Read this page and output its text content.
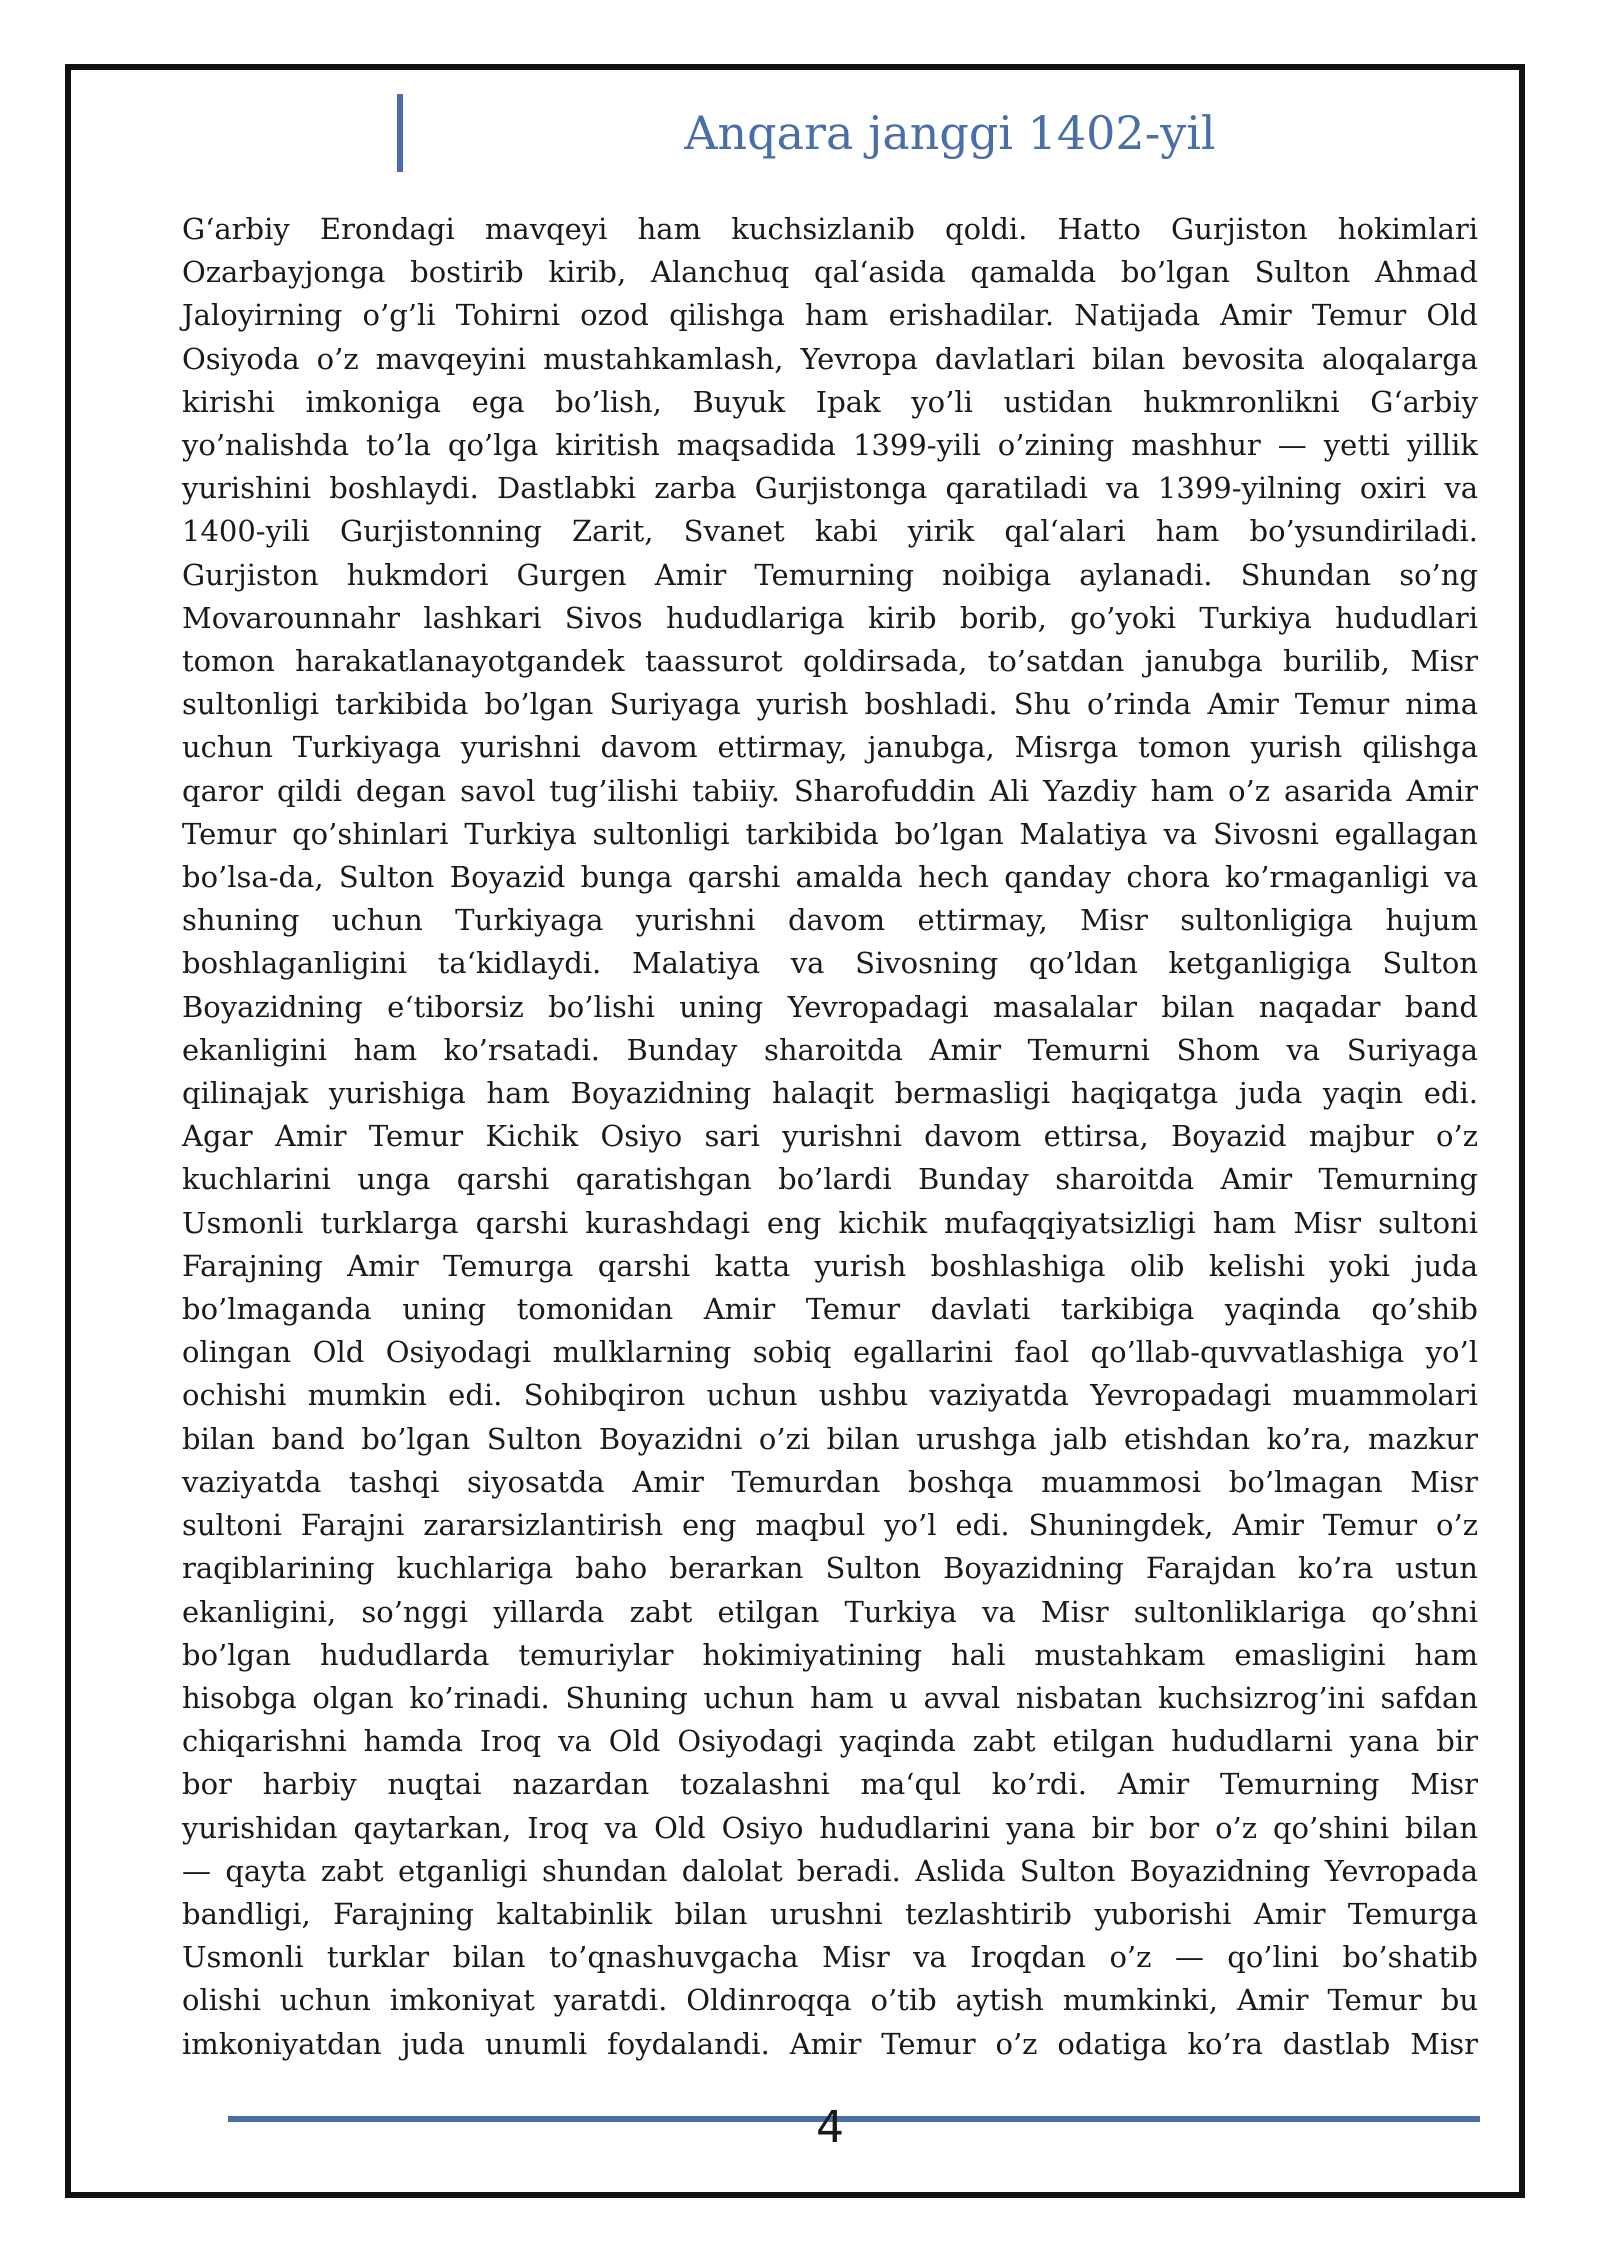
Anqara janggi 1402-yil
G‘arbiy Erondagi mavqeyi ham kuchsizlanib qoldi. Hatto Gurjiston hokimlari
Ozarbayjonga bostirib kirib, Alanchuq qal‘asida qamalda bo’lgan Sulton Ahmad
Jaloyirning o’g’li Tohirni ozod qilishga ham erishadilar. Natijada Amir Temur Old
Osiyoda o’z mavqeyini mustahkamlash, Yevropa davlatlari bilan bevosita aloqalarga
kirishi imkoniga ega bo’lish, Buyuk Ipak yo’li ustidan hukmronlikni G‘arbiy
yo’nalishda to’la qo’lga kiritish maqsadida 1399-yili o’zining mashhur — yetti yillik
yurishini boshlaydi. Dastlabki zarba Gurjistonga qaratiladi va 1399-yilning oxiri va
1400-yili Gurjistonning Zarit, Svanet kabi yirik qal‘alari ham bo’ysundiriladi.
Gurjiston hukmdori Gurgen Amir Temurning noibiga aylanadi. Shundan so’ng
Movarounnahr lashkari Sivos hududlariga kirib borib, go’yoki Turkiya hududlari
tomon harakatlanayotgandek taassurot qoldirsada, to’satdan janubga burilib, Misr
sultonligi tarkibida bo’lgan Suriyaga yurish boshladi. Shu o’rinda Amir Temur nima
uchun Turkiyaga yurishni davom ettirmay, janubga, Misrga tomon yurish qilishga
qaror qildi degan savol tug’ilishi tabiiy. Sharofuddin Ali Yazdiy ham o’z asarida Amir
Temur qo’shinlari Turkiya sultonligi tarkibida bo’lgan Malatiya va Sivosni egallagan
bo’lsa-da, Sulton Boyazid bunga qarshi amalda hech qanday chora ko’rmaganligi va
shuning uchun Turkiyaga yurishni davom ettirmay, Misr sultonligiga hujum
boshlaganligini ta‘kidlaydi. Malatiya va Sivosning qo’ldan ketganligiga Sulton
Boyazidning e‘tiborsiz bo’lishi uning Yevropadagi masalalar bilan naqadar band
ekanligini ham ko’rsatadi. Bunday sharoitda Amir Temurni Shom va Suriyaga
qilinajak yurishiga ham Boyazidning halaqit bermasligi haqiqatga juda yaqin edi.
Agar Amir Temur Kichik Osiyo sari yurishni davom ettirsa, Boyazid majbur o’z
kuchlarini unga qarshi qaratishgan bo’lardi Bunday sharoitda Amir Temurning
Usmonli turklarga qarshi kurashdagi eng kichik mufaqqiyatsizligi ham Misr sultoni
Farajning Amir Temurga qarshi katta yurish boshlashiga olib kelishi yoki juda
bo’lmaganda uning tomonidan Amir Temur davlati tarkibiga yaqinda qo’shib
olingan Old Osiyodagi mulklarning sobiq egallarini faol qo’llab-quvvatlashiga yo’l
ochishi mumkin edi. Sohibqiron uchun ushbu vaziyatda Yevropadagi muammolari
bilan band bo’lgan Sulton Boyazidni o’zi bilan urushga jalb etishdan ko’ra, mazkur
vaziyatda tashqi siyosatda Amir Temurdan boshqa muammosi bo’lmagan Misr
sultoni Farajni zararsizlantirish eng maqbul yo’l edi. Shuningdek, Amir Temur o’z
raqiblarining kuchlariga baho berarkan Sulton Boyazidning Farajdan ko’ra ustun
ekanligini, so’nggi yillarda zabt etilgan Turkiya va Misr sultonliklariga qo’shni
bo’lgan hududlarda temuriylar hokimiyatining hali mustahkam emasligini ham
hisobga olgan ko’rinadi. Shuning uchun ham u avval nisbatan kuchsizrog’ini safdan
chiqarishni hamda Iroq va Old Osiyodagi yaqinda zabt etilgan hududlarni yana bir
bor harbiy nuqtai nazardan tozalashni ma‘qul ko’rdi. Amir Temurning Misr
yurishidan qaytarkan, Iroq va Old Osiyo hududlarini yana bir bor o’z qo’shini bilan
— qayta zabt etganligi shundan dalolat beradi. Aslida Sulton Boyazidning Yevropada
bandligi, Farajning kaltabinlik bilan urushni tezlashtirib yuborishi Amir Temurga
Usmonli turklar bilan to’qnashuvgacha Misr va Iroqdan o’z — qo’lini bo’shatib
olishi uchun imkoniyat yaratdi. Oldinroqqa o’tib aytish mumkinki, Amir Temur bu
imkoniyatdan juda unumli foydalandi. Amir Temur o’z odatiga ko’ra dastlab Misr
4
